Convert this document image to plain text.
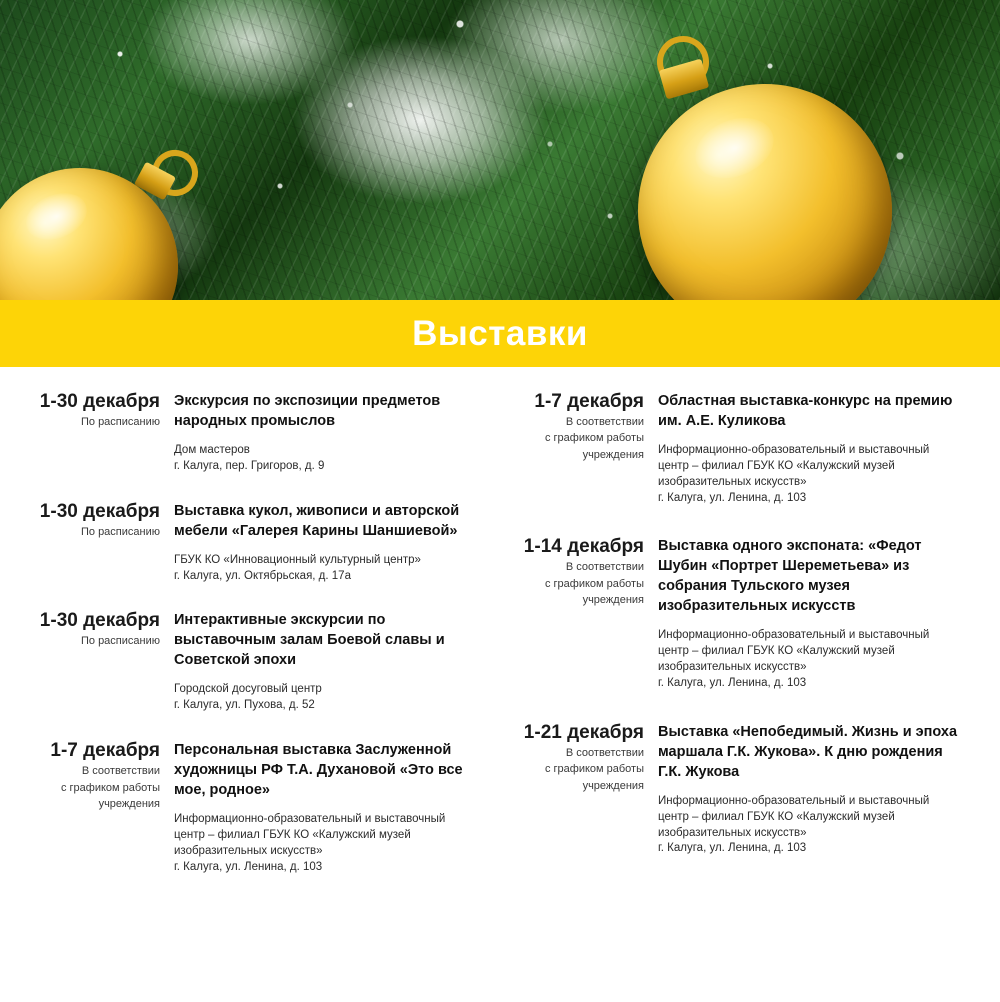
Выставки
1-30 декабря
По расписанию

Экскурсия по экспозиции предметов народных промыслов

Дом мастеров
г. Калуга, пер. Григоров, д. 9
1-30 декабря
По расписанию

Выставка кукол, живописи и авторской мебели «Галерея Карины Шаншиевой»

ГБУК КО «Инновационный культурный центр»
г. Калуга, ул. Октябрьская, д. 17а
1-30 декабря
По расписанию

Интерактивные экскурсии по выставочным залам Боевой славы и Советской эпохи

Городской досуговый центр
г. Калуга, ул. Пухова, д. 52
1-7 декабря
В соответствии
с графиком работы
учреждения

Персональная выставка Заслуженной художницы РФ Т.А. Духановой «Это все мое, родное»

Информационно-образовательный и выставочный
центр – филиал ГБУК КО «Калужский музей
изобразительных искусств»
г. Калуга, ул. Ленина, д. 103
1-7 декабря
В соответствии
с графиком работы
учреждения

Областная выставка-конкурс на премию им. А.Е. Куликова

Информационно-образовательный и выставочный
центр – филиал ГБУК КО «Калужский музей
изобразительных искусств»
г. Калуга, ул. Ленина, д. 103
1-14 декабря
В соответствии
с графиком работы
учреждения

Выставка одного экспоната: «Федот Шубин «Портрет Шереметьева» из собрания Тульского музея изобразительных искусств

Информационно-образовательный и выставочный
центр – филиал ГБУК КО «Калужский музей
изобразительных искусств»
г. Калуга, ул. Ленина, д. 103
1-21 декабря
В соответствии
с графиком работы
учреждения

Выставка «Непобедимый. Жизнь и эпоха маршала Г.К. Жукова». К дню рождения Г.К. Жукова

Информационно-образовательный и выставочный
центр – филиал ГБУК КО «Калужский музей
изобразительных искусств»
г. Калуга, ул. Ленина, д. 103
